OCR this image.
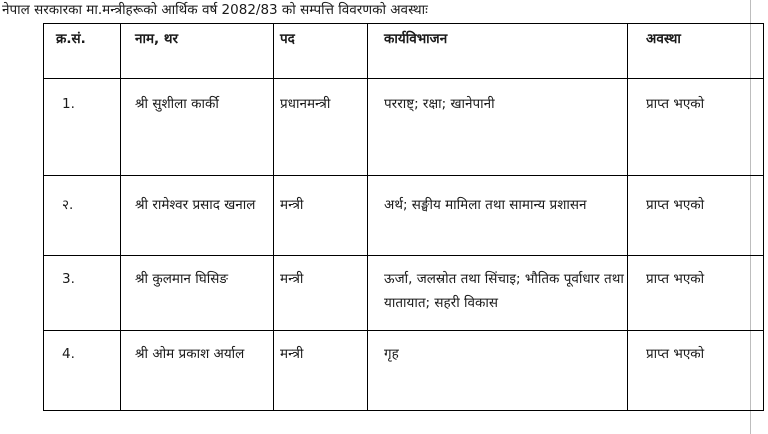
नेपाल सरकारका मा.मन्त्रीहरूको आर्थिक वर्ष 2082/83 को सम्पत्ति विवरणको अवस्थाः
क्र.सं.	नाम, थर	पद	कार्यविभाजन	अवस्था
1.	श्री सुशीला कार्की	प्रधानमन्त्री	परराष्ट्; रक्षा; खानेपानी	प्राप्त भएको
२.	श्री रामेश्वर प्रसाद खनाल	मन्त्री	अर्थ; सङ्घीय मामिला तथा सामान्य प्रशासन	प्राप्त भएको
3.	श्री कुलमान घिसिङ	मन्त्री	ऊर्जा, जलस्रोत तथा सिंचाइ; भौतिक पूर्वाधार तथा यातायात; सहरी विकास	प्राप्त भएको
4.	श्री ओम प्रकाश अर्याल	मन्त्री	गृह	प्राप्त भएको
